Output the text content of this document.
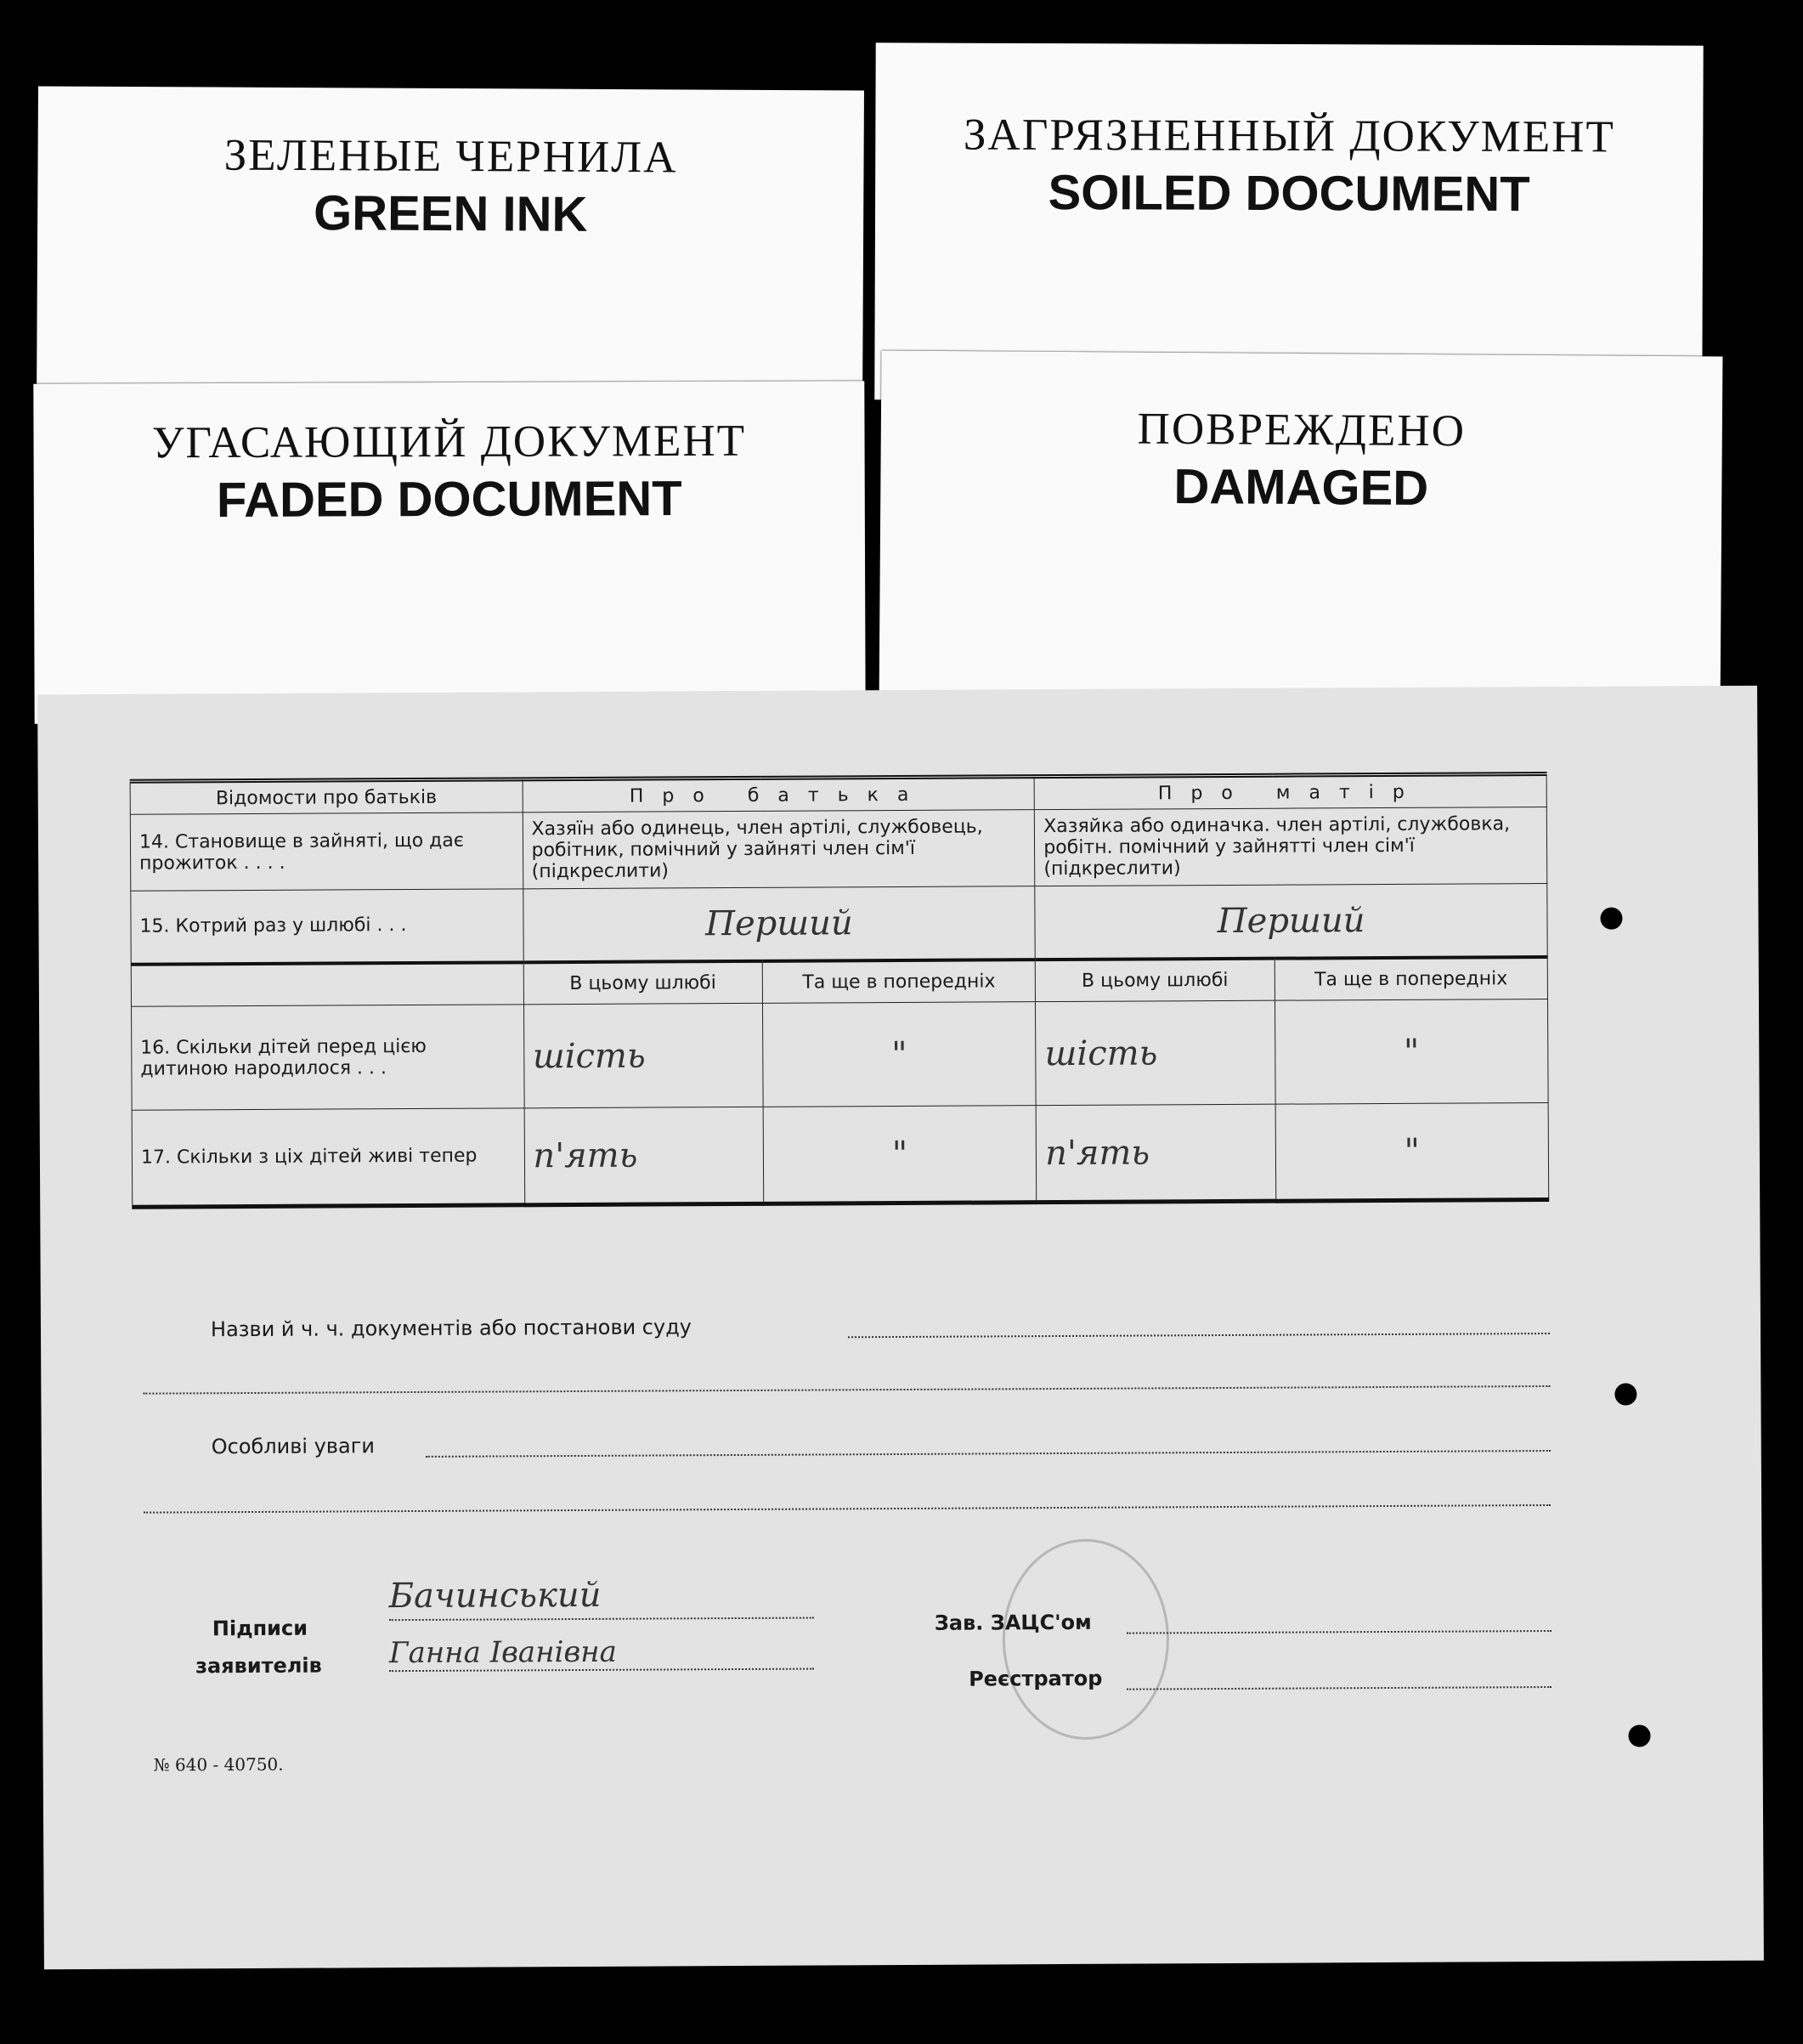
ЗАГРЯЗНЕННЫЙ ДОКУМЕНТ
SOILED DOCUMENT
ЗЕЛЕНЫЕ ЧЕРНИЛА
GREEN INK
ПОВРЕЖДЕНО
DAMAGED
УГАСАЮЩИЙ ДОКУМЕНТ
FADED DOCUMENT
Відомости про батьків	Про батька		Про матір	
14. Становище в зайняті, що дає прожиток . . . .	Хазяїн або одинець, член артілі, службовець, робітник, помічний у зайняті член сім'ї (підкреслити)		Хазяйка або одиначка. член артілі, службовка, робітн. помічний у зайнятті член сім'ї (підкреслити)	
15. Котрий раз у шлюбі . . .	Перший		Перший	
	В цьому шлюбі	Та ще в попередніх	В цьому шлюбі	Та ще в попередніх
16. Скільки дітей перед цією дитиною народилося . . .	шість	"	шість	"
17. Скільки з ціх дітей живі тепер	п'ять	"	п'ять	"
Назви й ч. ч. документів або постанови суду
Особливі уваги
Підписи
заявителів
Бачинський
Ганна Іванівна
Зав. ЗАЦС'ом
Реєстратор
№ 640 - 40750.
